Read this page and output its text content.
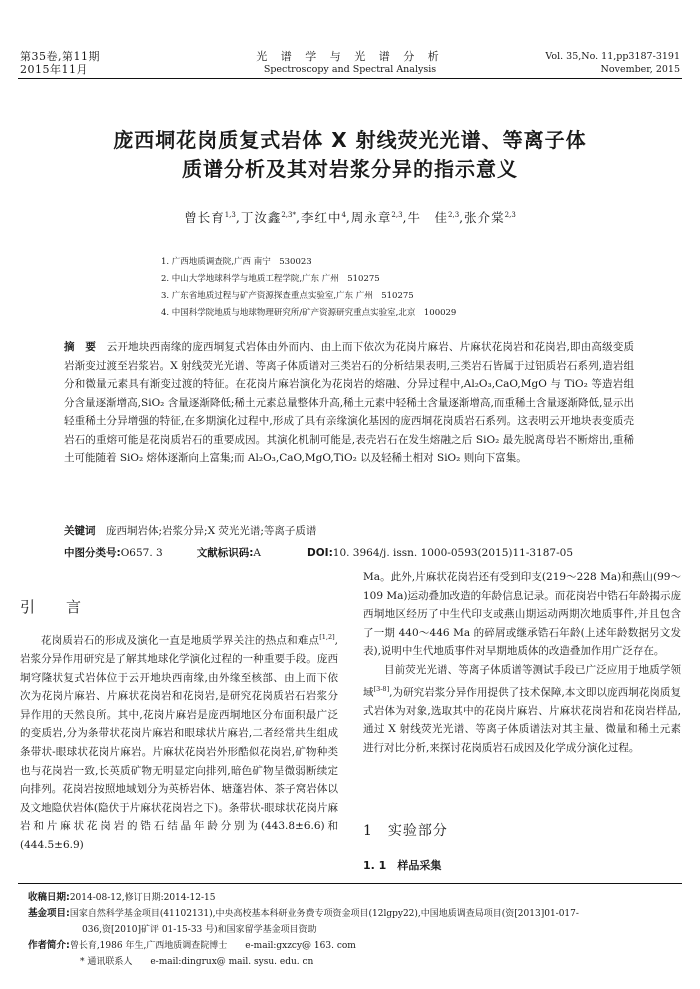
第35卷,第11期
2015年11月
光 谱 学 与 光 谱 分 析
Spectroscopy and Spectral Analysis
Vol. 35,No. 11,pp3187-3191
November, 2015
庞西垌花岗质复式岩体 X 射线荧光光谱、等离子体
质谱分析及其对岩浆分异的指示意义
曾长育$^{1,3}$,丁汝鑫$^{2,3*}$,李红中$^4$,周永章$^{2,3}$,牛　佳$^{2,3}$,张介棠$^{2,3}$
1. 广西地质调查院,广西 南宁　530023
2. 中山大学地球科学与地质工程学院,广东 广州　510275
3. 广东省地质过程与矿产资源探查重点实验室,广东 广州　510275
4. 中国科学院地质与地球物理研究所/矿产资源研究重点实验室,北京　100029
摘　要　 云开地块西南缘的庞西垌复式岩体由外而内、由上而下依次为花岗片麻岩、片麻状花岗岩和花岗岩,即由高级变质岩渐变过渡至岩浆岩。X 射线荧光光谱、等离子体质谱对三类岩石的分析结果表明,三类岩石皆属于过铝质岩石系列,造岩组分和微量元素具有渐变过渡的特征。在花岗片麻岩演化为花岗岩的熔融、分异过程中,Al₂O₃,CaO,MgO 与 TiO₂ 等造岩组分含量逐渐增高,SiO₂ 含量逐渐降低;稀土元素总量整体升高,稀土元素中轻稀土含量逐渐增高,而重稀土含量逐渐降低,显示出轻重稀土分异增强的特征,在多期演化过程中,形成了具有亲缘演化基因的庞西垌花岗质岩石系列。这表明云开地块表变质壳岩石的重熔可能是花岗质岩石的重要成因。其演化机制可能是,表壳岩石在发生熔融之后 SiO₂ 最先脱离母岩不断熔出,重稀土可能随着 SiO₂ 熔体逐渐向上富集;而 Al₂O₃,CaO,MgO,TiO₂ 以及轻稀土相对 SiO₂ 则向下富集。
关键词　 庞西垌岩体;岩浆分异;X 荧光光谱;等离子质谱
中图分类号:O657. 3	文献标识码:A	DOI:10. 3964/j. issn. 1000-0593(2015)11-3187-05
引　言

花岗质岩石的形成及演化一直是地质学界关注的热点和难点[1,2],岩浆分异作用研究是了解其地球化学演化过程的一种重要手段。庞西垌穹隆状复式岩体位于云开地块西南缘,由外缘至核部、由上而下依次为花岗片麻岩、片麻状花岗岩和花岗岩,是研究花岗质岩石岩浆分异作用的天然良所。其中,花岗片麻岩是庞西垌地区分布面积最广泛的变质岩,分为条带状花岗片麻岩和眼球状片麻岩,二者经常共生组成条带状-眼球状花岗片麻岩。片麻状花岗岩外形酷似花岗岩,矿物种类也与花岗岩一致,长英质矿物无明显定向排列,暗色矿物呈微弱断续定向排列。花岗岩按照地域划分为英桥岩体、塘蓬岩体、茶子窝岩体以及文地隐伏岩体(隐伏于片麻状花岗岩之下)。条带状-眼球状花岗片麻岩和片麻状花岗岩的锆石结晶年龄分别为(443.8±6.6)和(444.5±6.9)

Ma。此外,片麻状花岗岩还有受到印支(219～228 Ma)和燕山(99～109 Ma)运动叠加改造的年龄信息记录。而花岗岩中锆石年龄揭示庞西垌地区经历了中生代印支或燕山期运动两期次地质事件,并且包含了一期 440～446 Ma 的碎屑或继承锆石年龄(上述年龄数据另文发表),说明中生代地质事件对早期地质体的改造叠加作用广泛存在。

目前荧光光谱、等离子体质谱等测试手段已广泛应用于地质学领域[3-8],为研究岩浆分异作用提供了技术保障,本文即以庞西垌花岗质复式岩体为对象,选取其中的花岗片麻岩、片麻状花岗岩和花岗岩样品,通过 X 射线荧光光谱、等离子体质谱法对其主量、微量和稀土元素进行对比分析,来探讨花岗质岩石成因及化学成分演化过程。

1　实验部分
1. 1　 样品采集
收稿日期:2014-08-12,修订日期:2014-12-15
基金项目:国家自然科学基金项目(41102131),中央高校基本科研业务费专项资金项目(12lgpy22),中国地质调查局项目(资[2013]01-017-
036,资[2010]矿评 01-15-33 号)和国家留学基金项目资助
作者简介:曾长育,1986 年生,广西地质调查院博士　　e-mail:gxzcy@ 163. com
* 通讯联系人　　e-mail:dingrux@ mail. sysu. edu. cn
